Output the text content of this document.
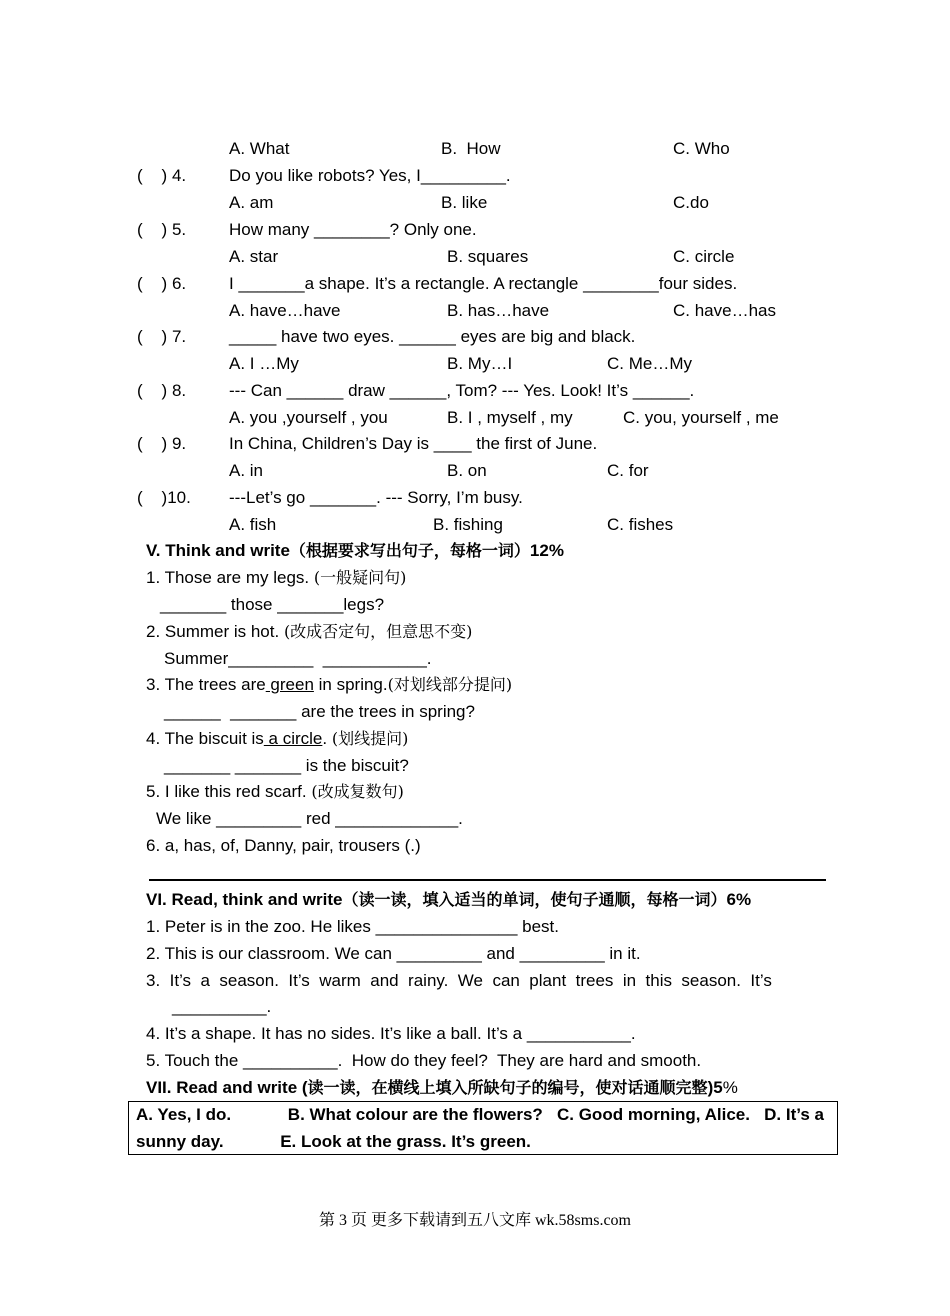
A. What	B.  How	C. Who
(    ) 4.	Do you like robots? Yes, I_________.
A. am	B. like	C.do
(    ) 5.	How many ________? Only one.
A. star	B. squares	C. circle
(    ) 6.	I _______a shape. It’s a rectangle. A rectangle ________four sides.
A. have…have	B. has…have	C. have…has
(    ) 7.	_____ have two eyes. ______ eyes are big and black.
A. I …My	B. My…I	C. Me…My
(    ) 8.	--- Can ______ draw ______, Tom? --- Yes. Look! It’s ______.
A. you ,yourself , you	B. I , myself , my	C. you, yourself , me
(    ) 9.	In China, Children’s Day is ____ the first of June.
A. in	B. on	C. for
(    )10. ---Let’s go _______. --- Sorry, I’m busy.
A. fish	B. fishing	C. fishes
V. Think and write（根据要求写出句子，每格一词）12%
1. Those are my legs. (一般疑问句)
_______ those _______legs?
2. Summer is hot. (改成否定句，但意思不变)
Summer_________  ___________.
3. The trees are green in spring.(对划线部分提问)
______  _______ are the trees in spring?
4. The biscuit is a circle. (划线提问)
_______ _______ is the biscuit?
5. I like this red scarf. (改成复数句)
We like _________ red _____________.
6. a, has, of, Danny, pair, trousers (.)
VI. Read, think and write（读一读，填入适当的单词，使句子通顺，每格一词）6%
1. Peter is in the zoo. He likes _______________ best.
2. This is our classroom. We can _________ and _________ in it.
3.  It’s  a  season.  It’s  warm  and  rainy.  We  can  plant  trees  in  this  season.  It’s
__________.
4. It’s a shape. It has no sides. It’s like a ball. It’s a ___________.
5. Touch the __________.  How do they feel?  They are hard and smooth.
VII. Read and write (读一读，在横线上填入所缺句子的编号，使对话通顺完整)5%
A. Yes, I do.            B. What colour are the flowers?   C. Good morning, Alice.   D. It’s a
sunny day.            E. Look at the grass. It’s green.
第 3 页 更多下载请到五八文库 wk.58sms.com
